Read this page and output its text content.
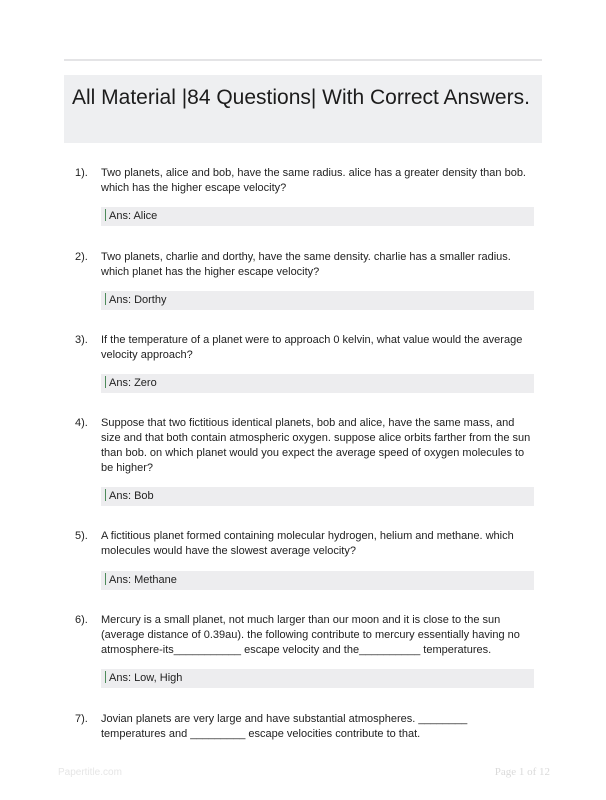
All Material |84 Questions| With Correct Answers.
1). Two planets, alice and bob, have the same radius. alice has a greater density than bob. which has the higher escape velocity?

Ans: Alice
2). Two planets, charlie and dorthy, have the same density. charlie has a smaller radius. which planet has the higher escape velocity?

Ans: Dorthy
3). If the temperature of a planet were to approach 0 kelvin, what value would the average velocity approach?

Ans: Zero
4). Suppose that two fictitious identical planets, bob and alice, have the same mass, and size and that both contain atmospheric oxygen. suppose alice orbits farther from the sun than bob. on which planet would you expect the average speed of oxygen molecules to be higher?

Ans: Bob
5). A fictitious planet formed containing molecular hydrogen, helium and methane. which molecules would have the slowest average velocity?

Ans: Methane
6). Mercury is a small planet, not much larger than our moon and it is close to the sun (average distance of 0.39au). the following contribute to mercury essentially having no atmosphere-its___________ escape velocity and the__________ temperatures.

Ans: Low, High
7). Jovian planets are very large and have substantial atmospheres. ________ temperatures and _________ escape velocities contribute to that.

Papertitle.com	Page 1 of 12
